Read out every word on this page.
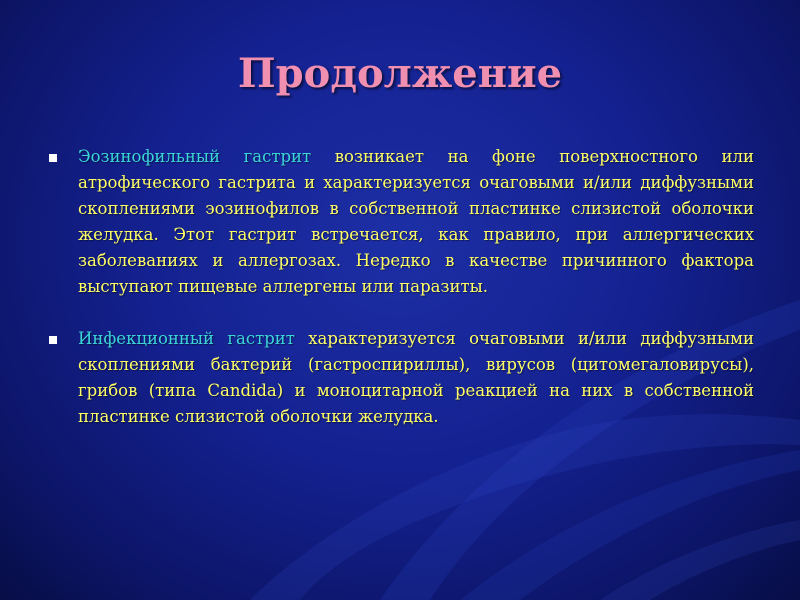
Продолжение
Эозинофильный гастрит возникает на фоне поверхностного или атрофического гастрита и характеризуется очаговыми и/или диффузными скоплениями эозинофилов в собственной пластинке слизистой оболочки желудка. Этот гастрит встречается, как правило, при аллергических заболеваниях и аллергозах. Нередко в качестве причинного фактора выступают пищевые аллергены или паразиты.
Инфекционный гастрит характеризуется очаговыми и/или диффузными скоплениями бактерий (гастроспириллы), вирусов (цитомегаловирусы), грибов (типа Candida) и моноцитарной реакцией на них в собственной пластинке слизистой оболочки желудка.
